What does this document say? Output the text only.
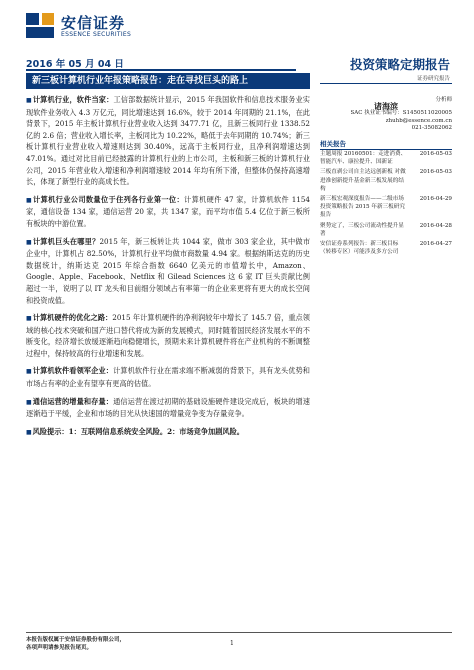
安信证券
ESSENCE SECURITIES
2016 年 05 月 04 日
新三板计算机行业年报策略报告：走在寻找巨头的路上
投资策略定期报告
证券研究报告
分析师
诸海滨
SAC 执业证书编号：S1450511020005
zhuhb@essence.com.cn
021-35082062
相关报告
主题周报 20160501：走进消费、智能汽车、康拉提升、国新证
2016-05-03
三板直剥公司自主达远创新板 对做进准创新提升基金新三板发展的结构
2016-05-03
新三板宏观深度报告——二级市场投资策略报告 2015 年新三板研究报告
2016-04-29
聚势定了，三板公司流动性提升显著
2016-04-28
安信证券系列报告：新三板目标（转移专区）可能涉及多方公司
2016-04-27

■ 计算机行业，软件当家：工信部数据统计显示，2015 年我国软件和信息技术服务业实现软件业务收入 4.3 万亿元，同比增速达到 16.6%，较于 2014 年同期的 21.1%，在此背景下，2015 年主板计算机行业营业收入达到 3477.71 亿，且新三板同行业 1338.52 亿的 2.6 倍；营业收入增长率，主板同比为 10.22%，略低于去年同期的 10.74%；新三板计算机行业营业收入增速则达到 30.40%，远高于主板同行业，且净利润增速达到 47.01%。通过对比目前已经披露的计算机行业的上市公司，主板和新三板的计算机行业公司，2015 年营业收入增速和净利润增速较 2014 年均有所下滑，但整体仍保持高速增长，体现了新型行业的高成长性。

■ 计算机行业公司数量位于住列各行业第一位：计算机硬件 47 家，计算机软件 1154 家，通信设备 134 家，通信运营 20 家，共 1347 家，而平均市值 5.4 亿位于新三板所有板块的中游位置。

■ 计算机巨头在哪里？2015 年，新三板转让共 1044 家，做市 303 家企业，其中做市企业中，计算机占 82.50%，计算机行业平均做市商数量 4.94 家。根据纳斯达克的历史数据统计，纳斯达克 2015 年综合指数 6640 亿美元的市值增长中，Amazon、Google、Apple、Facebook、Netflix 和 Gilead Sciences 这 6 家 IT 巨头贡献比例超过一半，说明了以 IT 龙头和目前细分领域占有率第一的企业来更将有更大的成长空间和投资成值。

■ 计算机硬件的优化之路：2015 年计算机硬件的净利润较年中增长了 145.7 倍，重点领域的核心技术突破和国产进口替代将成为新的发展模式，同时随着国民经济发展水平的不断变化，经济增长放缓逐渐趋向稳健增长，预期未来计算机硬件将在产业机构的不断调整过程中，保持较高的行业增速和发展。

■ 计算机软件看领军企业：计算机软件行业在需求端不断减弱的背景下，具有龙头优势和市场占有率的企业有望享有更高的估值。

■ 通信运营的增量和存量：通信运营在渡过初期的基础设施硬件建设完成后，板块的增速逐渐趋于平缓，企业和市场的目光从快速国的增量竞争变为存量竞争。

■ 风险提示：1：互联网信息系统安全风险。2：市场竞争加剧风险。

本报告版权属于安信证券股份有限公司，
各项声明请参见报告尾页。
1
